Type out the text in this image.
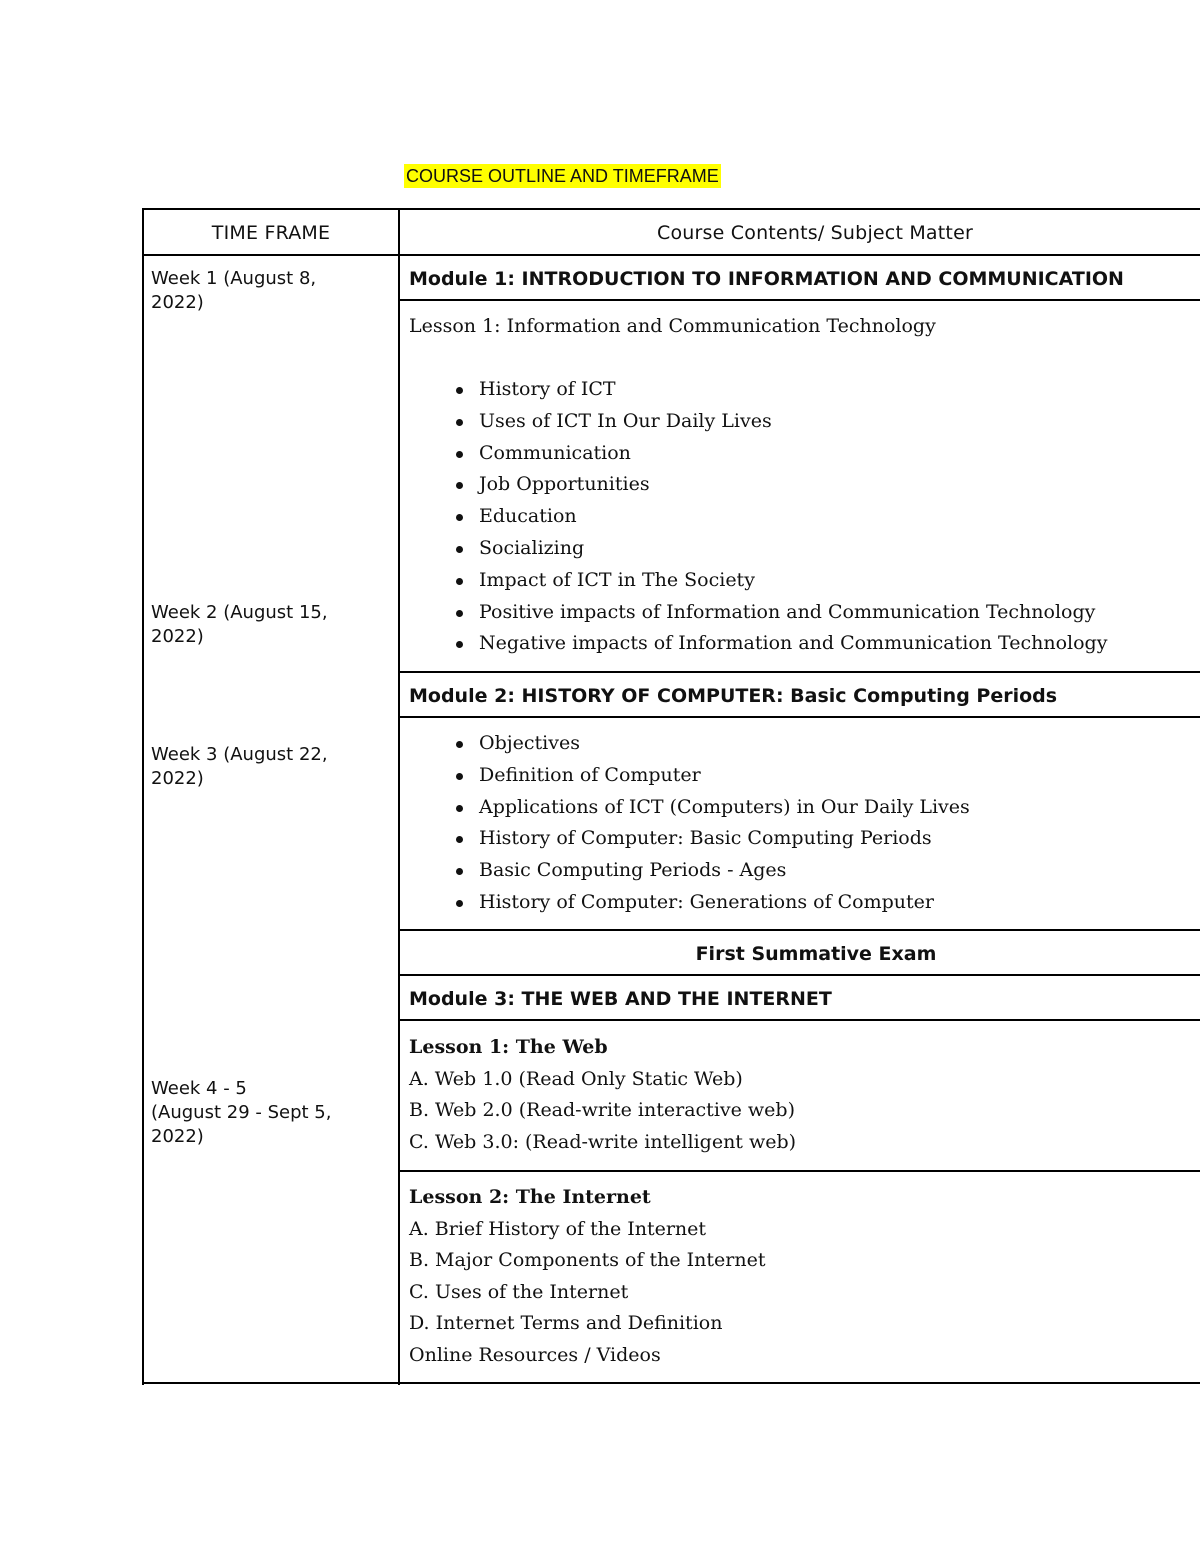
COURSE OUTLINE AND TIMEFRAME
TIME FRAME	Course Contents/ Subject Matter
Week 1 (August 8,
2022)
Week 2 (August 15,
2022)
Week 3 (August 22,
2022)
Week 4 - 5
(August 29 - Sept 5,
2022)
Module 1: INTRODUCTION TO INFORMATION AND COMMUNICATION
Lesson 1: Information and Communication Technology
History of ICT
Uses of ICT In Our Daily Lives
Communication
Job Opportunities
Education
Socializing
Impact of ICT in The Society
Positive impacts of Information and Communication Technology
Negative impacts of Information and Communication Technology
Module 2: HISTORY OF COMPUTER: Basic Computing Periods
Objectives
Definition of Computer
Applications of ICT (Computers) in Our Daily Lives
History of Computer: Basic Computing Periods
Basic Computing Periods - Ages
History of Computer: Generations of Computer
First Summative Exam
Module 3: THE WEB AND THE INTERNET
Lesson 1: The Web
A. Web 1.0 (Read Only Static Web)
B. Web 2.0 (Read-write interactive web)
C. Web 3.0: (Read-write intelligent web)
Lesson 2: The Internet
A. Brief History of the Internet
B. Major Components of the Internet
C. Uses of the Internet
D. Internet Terms and Definition
Online Resources / Videos
